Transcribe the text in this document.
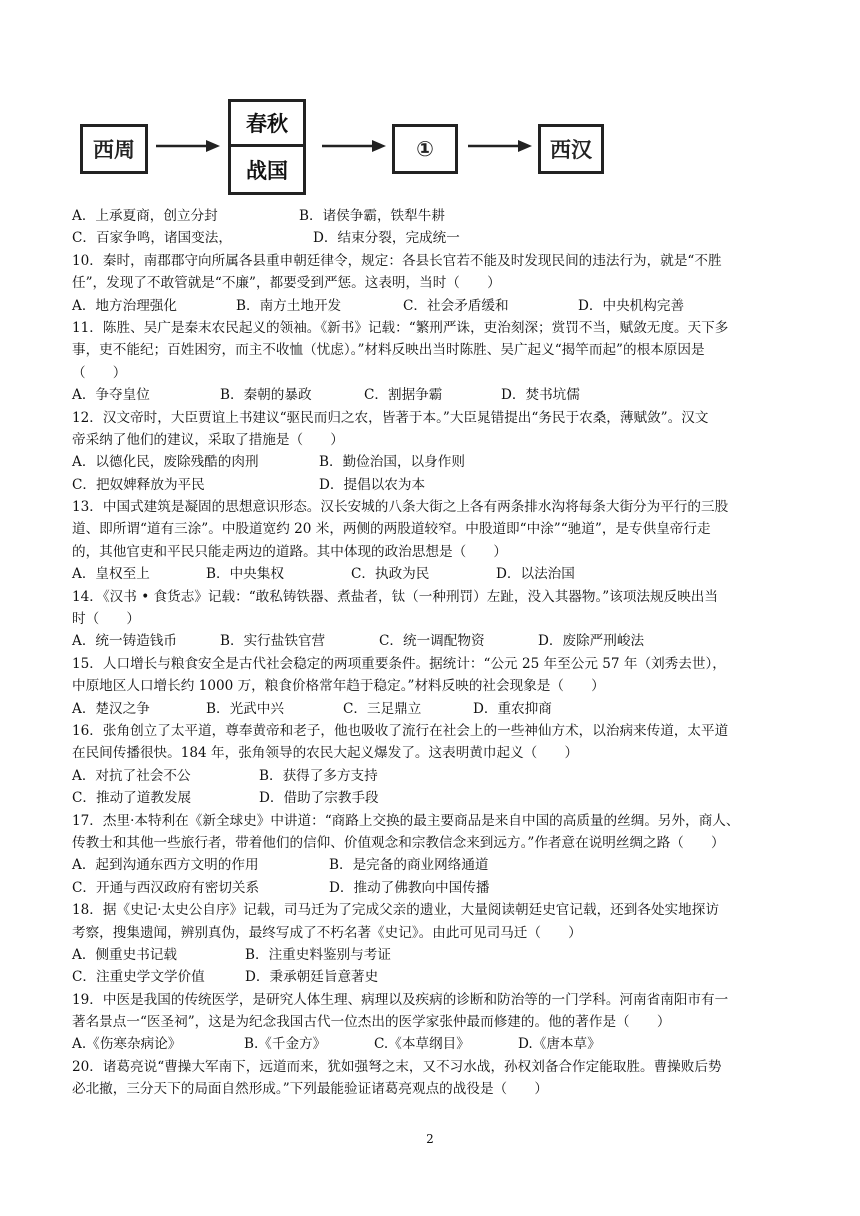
西周
春秋
战国
①	西汉
A．上承夏商，创立分封	B．诸侯争霸，铁犁牛耕
C．百家争鸣，诸国变法，	D．结束分裂，完成统一
10．秦时，南郡郡守向所属各县重申朝廷律令，规定：各县长官若不能及时发现民间的违法行为，就是“不胜
任”，发现了不敢管就是“不廉”，都要受到严惩。这表明，当时（　　）
A．地方治理强化	B．南方土地开发	C．社会矛盾缓和	D．中央机构完善
11．陈胜、吴广是秦末农民起义的领袖。《新书》记载：“繁刑严诛，吏治刻深；赏罚不当，赋敛无度。天下多
事，吏不能纪；百姓困穷，而主不收恤（忧虑）。”材料反映出当时陈胜、吴广起义“揭竿而起”的根本原因是
（　　）
A．争夺皇位	B．秦朝的暴政	C．割据争霸	D．焚书坑儒
12．汉文帝时，大臣贾谊上书建议“驱民而归之农，皆著于本。”大臣晁错提出“务民于农桑，薄赋敛”。汉文
帝采纳了他们的建议，采取了措施是（　　）
A．以德化民，废除残酷的肉刑	B．勤俭治国，以身作则
C．把奴婢释放为平民	D．提倡以农为本
13．中国式建筑是凝固的思想意识形态。汉长安城的八条大街之上各有两条排水沟将每条大街分为平行的三股
道、即所谓“道有三涂”。中股道宽约 20 米，两侧的两股道较窄。中股道即“中涂”“驰道”，是专供皇帝行走
的，其他官吏和平民只能走两边的道路。其中体现的政治思想是（　　）
A．皇权至上	B．中央集权	C．执政为民	D．以法治国
14．《汉书 • 食货志》记载：“敢私铸铁器、煮盐者，钛（一种刑罚）左趾，没入其器物。”该项法规反映出当
时（　　）
A．统一铸造钱币	B．实行盐铁官营	C．统一调配物资	D．废除严刑峻法
15．人口增长与粮食安全是古代社会稳定的两项重要条件。据统计：“公元 25 年至公元 57 年（刘秀去世），
中原地区人口增长约 1000 万，粮食价格常年趋于稳定。”材料反映的社会现象是（　　）
A．楚汉之争	B．光武中兴	C．三足鼎立	D．重农抑商
16．张角创立了太平道，尊奉黄帝和老子，他也吸收了流行在社会上的一些神仙方术，以治病来传道，太平道
在民间传播很快。184 年，张角领导的农民大起义爆发了。这表明黄巾起义（　　）
A．对抗了社会不公	B．获得了多方支持
C．推动了道教发展	D．借助了宗教手段
17．杰里·本特利在《新全球史》中讲道：“商路上交换的最主要商品是来自中国的高质量的丝绸。另外，商人、
传教士和其他一些旅行者，带着他们的信仰、价值观念和宗教信念来到远方。”作者意在说明丝绸之路（　　）
A．起到沟通东西方文明的作用	B．是完备的商业网络通道
C．开通与西汉政府有密切关系	D．推动了佛教向中国传播
18．据《史记·太史公自序》记载，司马迁为了完成父亲的遗业，大量阅读朝廷史官记载，还到各处实地探访
考察，搜集遗闻，辨别真伪，最终写成了不朽名著《史记》。由此可见司马迁（　　）
A．侧重史书记载	B．注重史料鉴别与考证
C．注重史学文学价值	D．秉承朝廷旨意著史
19．中医是我国的传统医学，是研究人体生理、病理以及疾病的诊断和防治等的一门学科。河南省南阳市有一
著名景点一“医圣祠”，这是为纪念我国古代一位杰出的医学家张仲最而修建的。他的著作是（　　）
A.《伤寒杂病论》	B.《千金方》	C.《本草纲目》	D.《唐本草》
20．诸葛亮说“曹操大军南下，远道而来，犹如强弩之末，又不习水战，孙权刘备合作定能取胜。曹操败后势
必北撤，三分天下的局面自然形成。”下列最能验证诸葛亮观点的战役是（　　）
2
